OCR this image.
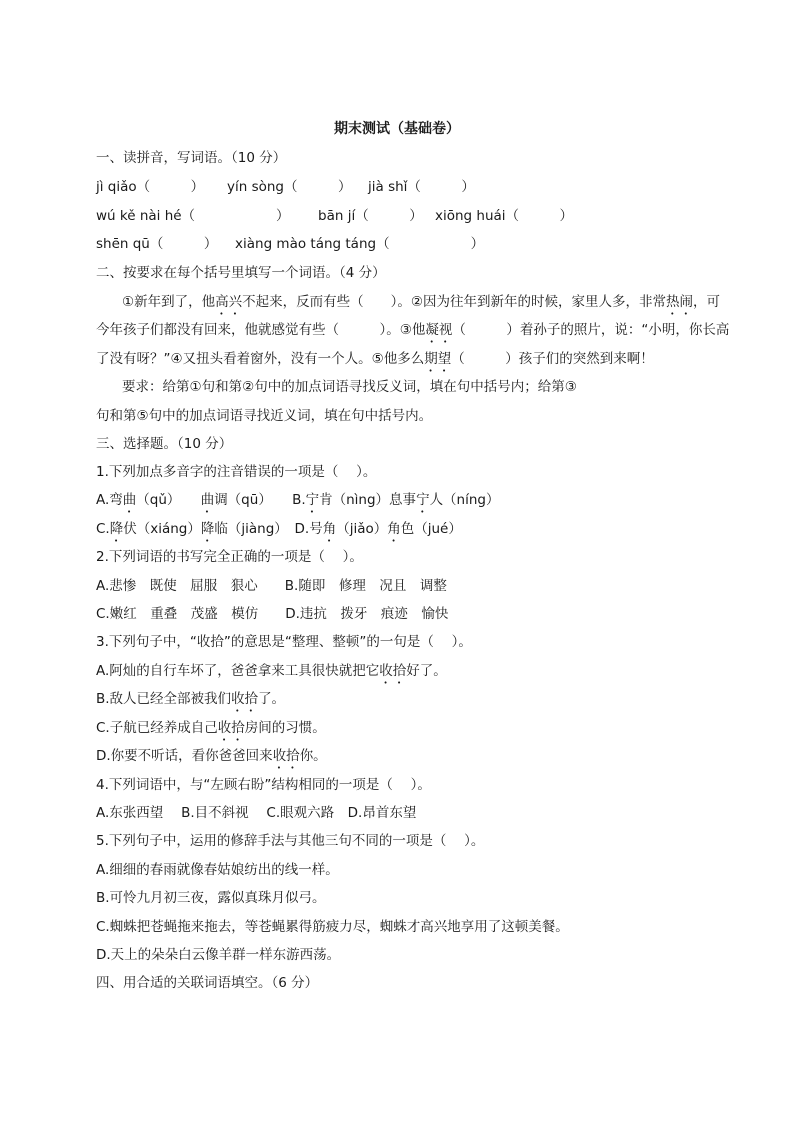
期末测试（基础卷）
一、读拼音，写词语。（10 分）
jì qiǎo（　　　） yín sòng（　　　） jià shǐ（　　　）
wú kě nài hé（　　　　　　） bān jí（　　　） xiōng huái（　　　）
shēn qū（　　　） xiàng mào táng táng（　　　　　　）
二、按要求在每个括号里填写一个词语。（4 分）
①新年到了，他高兴不起来，反而有些（　　）。②因为往年到新年的时候，家里人多，非常热闹，可
今年孩子们都没有回来，他就感觉有些（　　　）。③他凝视（　　　）着孙子的照片，说：“小明，你长高
了没有呀？”④又扭头看着窗外，没有一个人。⑤他多么期望（　　　）孩子们的突然到来啊！
要求：给第①句和第②句中的加点词语寻找反义词，填在句中括号内；给第③
句和第⑤句中的加点词语寻找近义词，填在句中括号内。
三、选择题。（10 分）
1.下列加点多音字的注音错误的一项是（　 ）。
A.弯曲（qǔ）　　曲调（qū）　　B.宁肯（nìng）息事宁人（níng）
C.降伏（xiáng）降临（jiàng）　D.号角（jiǎo）角色（jué）
2.下列词语的书写完全正确的一项是（　 ）。
A.悲惨　既使　屈服　狠心　　B.随即　修理　况且　调整
C.嫩红　重叠　茂盛　模仿　　D.违抗　拨牙　痕迹　愉快
3.下列句子中，“收拾”的意思是“整理、整顿”的一句是（　 ）。
A.阿灿的自行车坏了，爸爸拿来工具很快就把它收拾好了。
B.敌人已经全部被我们收拾了。
C.子航已经养成自己收拾房间的习惯。
D.你要不听话，看你爸爸回来收拾你。
4.下列词语中，与“左顾右盼”结构相同的一项是（　 ）。
A.东张西望　 B.目不斜视　 C.眼观六路　D.昂首东望
5.下列句子中，运用的修辞手法与其他三句不同的一项是（　 ）。
A.细细的春雨就像春姑娘纺出的线一样。
B.可怜九月初三夜，露似真珠月似弓。
C.蜘蛛把苍蝇拖来拖去，等苍蝇累得筋疲力尽，蜘蛛才高兴地享用了这顿美餐。
D.天上的朵朵白云像羊群一样东游西荡。
四、用合适的关联词语填空。（6 分）
